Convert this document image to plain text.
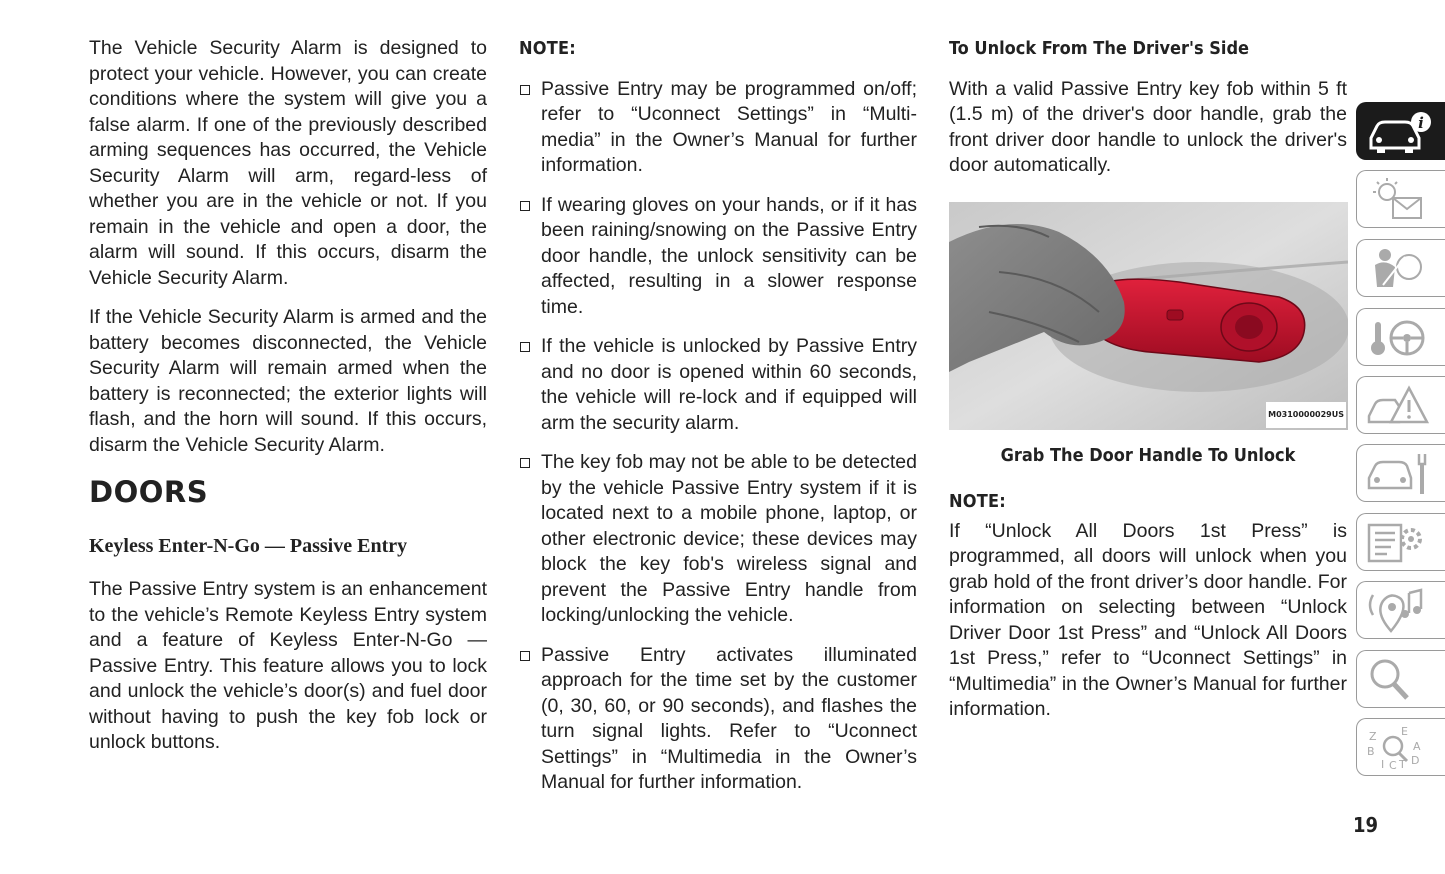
The Vehicle Security Alarm is designed to protect your vehicle. However, you can create conditions where the system will give you a false alarm. If one of the previously described arming sequences has occurred, the Vehicle Security Alarm will arm, regard-less of whether you are in the vehicle or not. If you remain in the vehicle and open a door, the alarm will sound. If this occurs, disarm the Vehicle Security Alarm.

If the Vehicle Security Alarm is armed and the battery becomes disconnected, the Vehicle Security Alarm will remain armed when the battery is reconnected; the exterior lights will flash, and the horn will sound. If this occurs, disarm the Vehicle Security Alarm.

DOORS
Keyless Enter-N-Go — Passive Entry

The Passive Entry system is an enhancement to the vehicle’s Remote Keyless Entry system and a feature of Keyless Enter-N-Go — Passive Entry. This feature allows you to lock and unlock the vehicle’s door(s) and fuel door without having to push the key fob lock or unlock buttons.

NOTE:
Passive Entry may be programmed on/off; refer to “Uconnect Settings” in “Multi-media” in the Owner’s Manual for further information.
If wearing gloves on your hands, or if it has been raining/snowing on the Passive Entry door handle, the unlock sensitivity can be affected, resulting in a slower response time.
If the vehicle is unlocked by Passive Entry and no door is opened within 60 seconds, the vehicle will re-lock and if equipped will arm the security alarm.
The key fob may not be able to be detected by the vehicle Passive Entry system if it is located next to a mobile phone, laptop, or other electronic device; these devices may block the key fob's wireless signal and prevent the Passive Entry handle from locking/unlocking the vehicle.
Passive Entry activates illuminated approach for the time set by the customer (0, 30, 60, or 90 seconds), and flashes the turn signal lights. Refer to “Uconnect Settings” in “Multimedia in the Owner’s Manual for further information.
To Unlock From The Driver's Side

With a valid Passive Entry key fob within 5 ft (1.5 m) of the driver's door handle, grab the front driver door handle to unlock the driver's door automatically.

M0310000029US
Grab The Door Handle To Unlock
NOTE:

If “Unlock All Doors 1st Press” is programmed, all doors will unlock when you grab hold of the front driver’s door handle. For information on selecting between “Unlock Driver Door 1st Press” and “Unlock All Doors 1st Press,” refer to “Uconnect Settings” in “Multimedia” in the Owner’s Manual for further information.

i
Z E
B	A
I C T D
19
